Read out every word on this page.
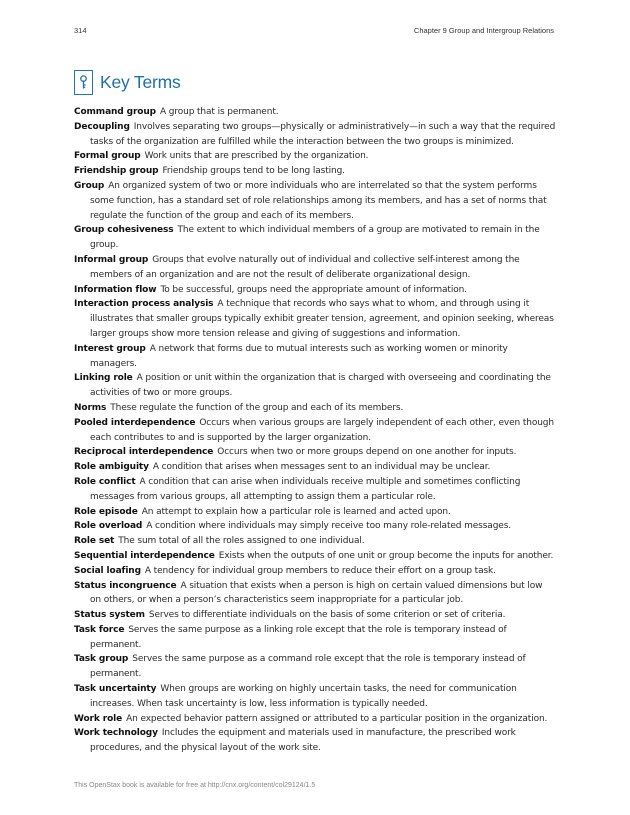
314	Chapter 9 Group and Intergroup Relations
Key Terms

Command group A group that is permanent.

Decoupling Involves separating two groups—physically or administratively—in such a way that the required tasks of the organization are fulfilled while the interaction between the two groups is minimized.

Formal group Work units that are prescribed by the organization.

Friendship group Friendship groups tend to be long lasting.

Group An organized system of two or more individuals who are interrelated so that the system performs some function, has a standard set of role relationships among its members, and has a set of norms that regulate the function of the group and each of its members.

Group cohesiveness The extent to which individual members of a group are motivated to remain in the group.

Informal group Groups that evolve naturally out of individual and collective self-interest among the members of an organization and are not the result of deliberate organizational design.

Information flow To be successful, groups need the appropriate amount of information.

Interaction process analysis A technique that records who says what to whom, and through using it illustrates that smaller groups typically exhibit greater tension, agreement, and opinion seeking, whereas larger groups show more tension release and giving of suggestions and information.

Interest group A network that forms due to mutual interests such as working women or minority managers.

Linking role A position or unit within the organization that is charged with overseeing and coordinating the activities of two or more groups.

Norms These regulate the function of the group and each of its members.

Pooled interdependence Occurs when various groups are largely independent of each other, even though each contributes to and is supported by the larger organization.

Reciprocal interdependence Occurs when two or more groups depend on one another for inputs.

Role ambiguity A condition that arises when messages sent to an individual may be unclear.

Role conflict A condition that can arise when individuals receive multiple and sometimes conflicting messages from various groups, all attempting to assign them a particular role.

Role episode An attempt to explain how a particular role is learned and acted upon.

Role overload A condition where individuals may simply receive too many role-related messages.

Role set The sum total of all the roles assigned to one individual.

Sequential interdependence Exists when the outputs of one unit or group become the inputs for another.

Social loafing A tendency for individual group members to reduce their effort on a group task.

Status incongruence A situation that exists when a person is high on certain valued dimensions but low on others, or when a person’s characteristics seem inappropriate for a particular job.

Status system Serves to differentiate individuals on the basis of some criterion or set of criteria.

Task force Serves the same purpose as a linking role except that the role is temporary instead of permanent.

Task group Serves the same purpose as a command role except that the role is temporary instead of permanent.

Task uncertainty When groups are working on highly uncertain tasks, the need for communication increases. When task uncertainty is low, less information is typically needed.

Work role An expected behavior pattern assigned or attributed to a particular position in the organization.

Work technology Includes the equipment and materials used in manufacture, the prescribed work procedures, and the physical layout of the work site.

This OpenStax book is available for free at http://cnx.org/content/col29124/1.5
